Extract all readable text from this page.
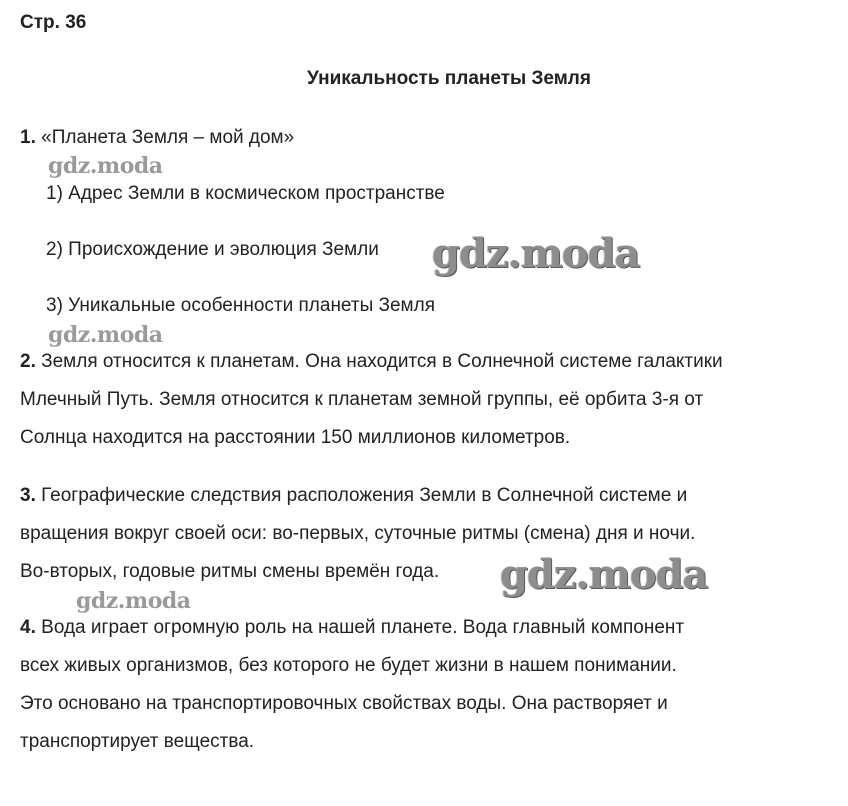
Стр. 36
Уникальность планеты Земля
1. «Планета Земля – мой дом»
1) Адрес Земли в космическом пространстве
2) Происхождение и эволюция Земли
3) Уникальные особенности планеты Земля
2. Земля относится к планетам. Она находится в Солнечной системе галактики
Млечный Путь. Земля относится к планетам земной группы, её орбита 3-я от
Солнца находится на расстоянии 150 миллионов километров.
3. Географические следствия расположения Земли в Солнечной системе и
вращения вокруг своей оси: во-первых, суточные ритмы (смена) дня и ночи.
Во-вторых, годовые ритмы смены времён года.
4. Вода играет огромную роль на нашей планете. Вода главный компонент
всех живых организмов, без которого не будет жизни в нашем понимании.
Это основано на транспортировочных свойствах воды. Она растворяет и
транспортирует вещества.
gdz.moda
gdz.moda
gdz.moda
gdz.moda
gdz.moda
